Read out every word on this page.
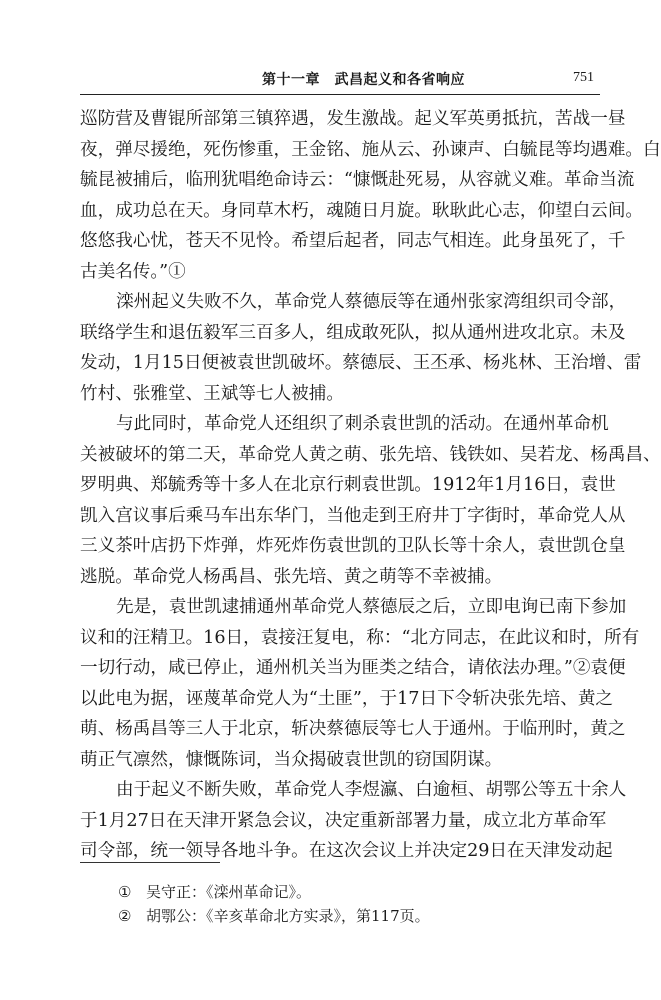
第十一章　武昌起义和各省响应	751
巡防营及曹锟所部第三镇猝遇，发生激战。起义军英勇抵抗，苦战一昼
夜，弹尽援绝，死伤惨重，王金铭、施从云、孙谏声、白毓昆等均遇难。白
毓昆被捕后，临刑犹唱绝命诗云：“慷慨赴死易，从容就义难。革命当流
血，成功总在天。身同草木朽，魂随日月旋。耿耿此心志，仰望白云间。
悠悠我心忧，苍天不见怜。希望后起者，同志气相连。此身虽死了，千
古美名传。”①
滦州起义失败不久，革命党人蔡德辰等在通州张家湾组织司令部，
联络学生和退伍毅军三百多人，组成敢死队，拟从通州进攻北京。未及
发动，1月15日便被袁世凯破坏。蔡德辰、王丕承、杨兆林、王治增、雷
竹村、张雅堂、王斌等七人被捕。
与此同时，革命党人还组织了刺杀袁世凯的活动。在通州革命机
关被破坏的第二天，革命党人黄之萌、张先培、钱铁如、吴若龙、杨禹昌、
罗明典、郑毓秀等十多人在北京行刺袁世凯。1912年1月16日，袁世
凯入宫议事后乘马车出东华门，当他走到王府井丁字街时，革命党人从
三义茶叶店扔下炸弹，炸死炸伤袁世凯的卫队长等十余人，袁世凯仓皇
逃脱。革命党人杨禹昌、张先培、黄之萌等不幸被捕。
先是，袁世凯逮捕通州革命党人蔡德辰之后，立即电询已南下参加
议和的汪精卫。16日，袁接汪复电，称：“北方同志，在此议和时，所有
一切行动，咸已停止，通州机关当为匪类之结合，请依法办理。”②袁便
以此电为据，诬蔑革命党人为“土匪”，于17日下令斩决张先培、黄之
萌、杨禹昌等三人于北京，斩决蔡德辰等七人于通州。于临刑时，黄之
萌正气凛然，慷慨陈词，当众揭破袁世凯的窃国阴谋。
由于起义不断失败，革命党人李煜瀛、白逾桓、胡鄂公等五十余人
于1月27日在天津开紧急会议，决定重新部署力量，成立北方革命军
司令部，统一领导各地斗争。在这次会议上并决定29日在天津发动起
① 吴守正：《滦州革命记》。
② 胡鄂公：《辛亥革命北方实录》，第117页。
